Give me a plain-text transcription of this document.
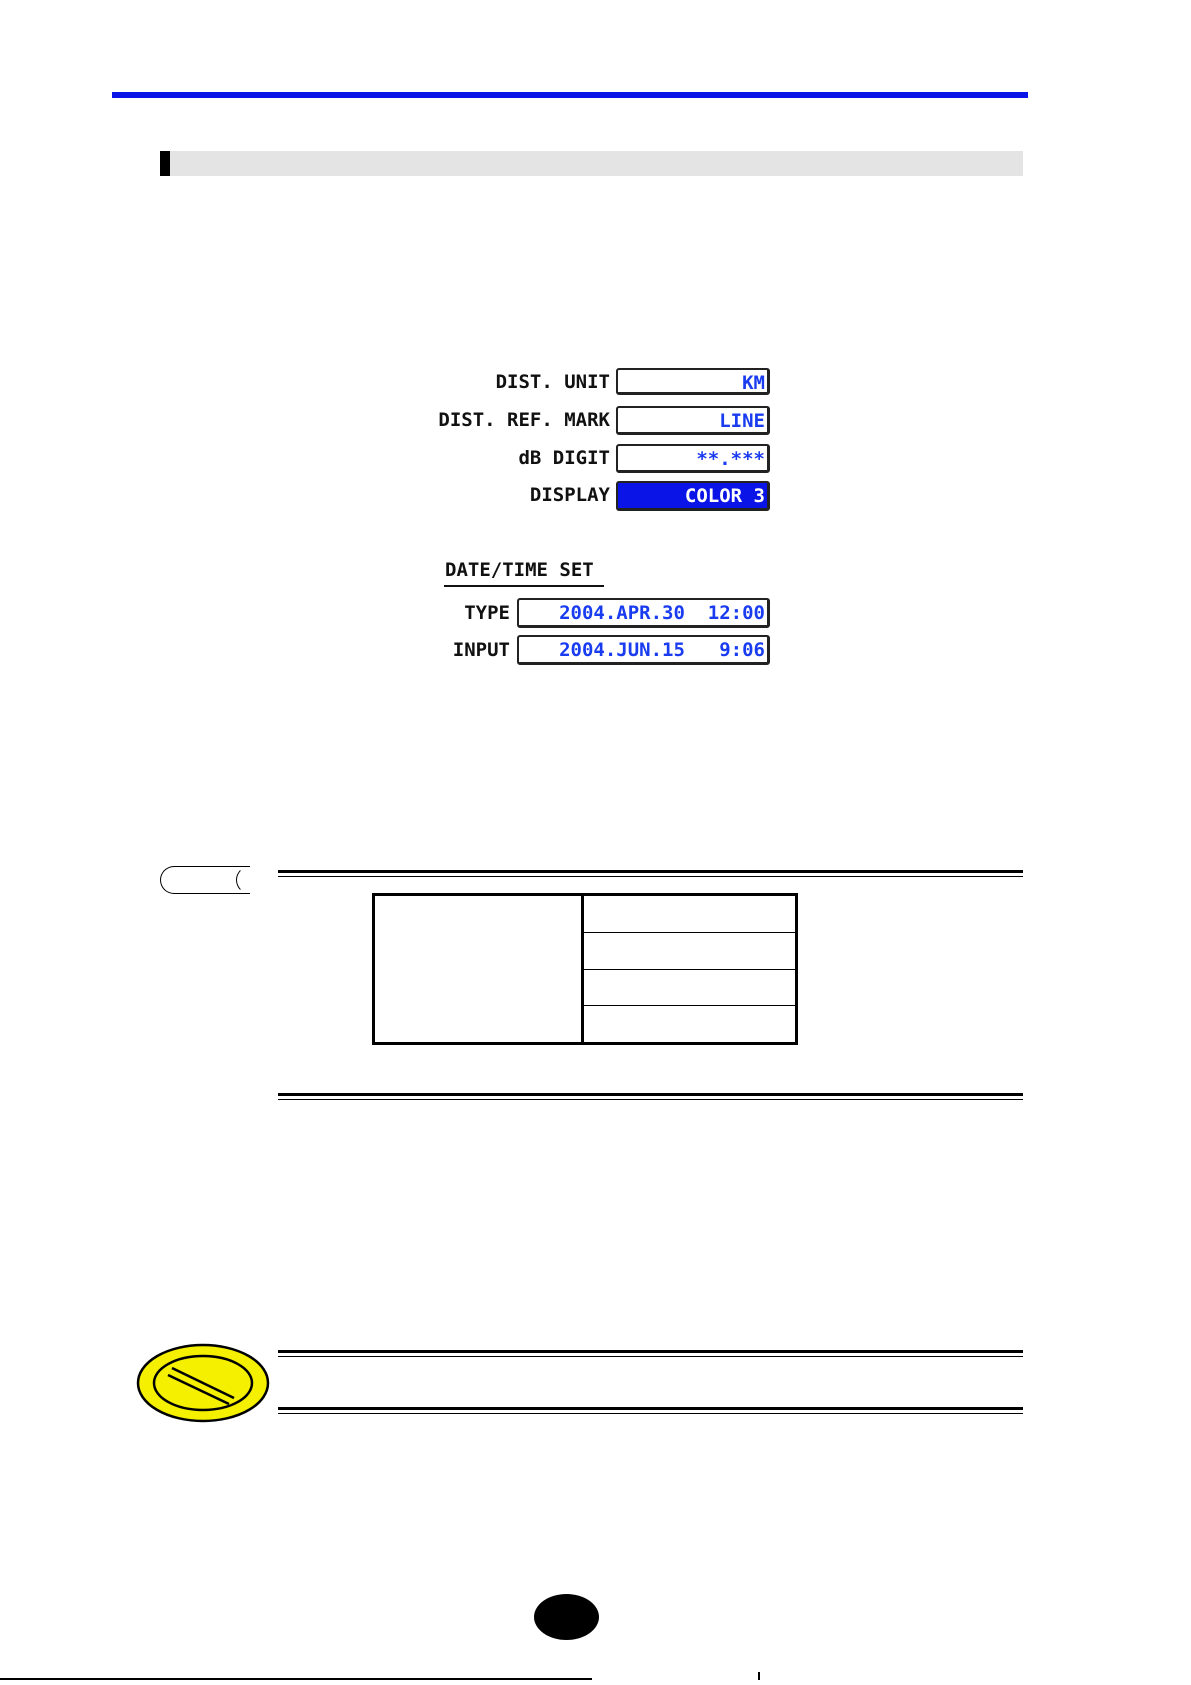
DIST. UNIT	KM
DIST. REF. MARK	LINE
dB DIGIT	**.***
DISPLAY	COLOR 3
DATE/TIME SET
TYPE	2004.APR.30  12:00
INPUT	2004.JUN.15   9:06
